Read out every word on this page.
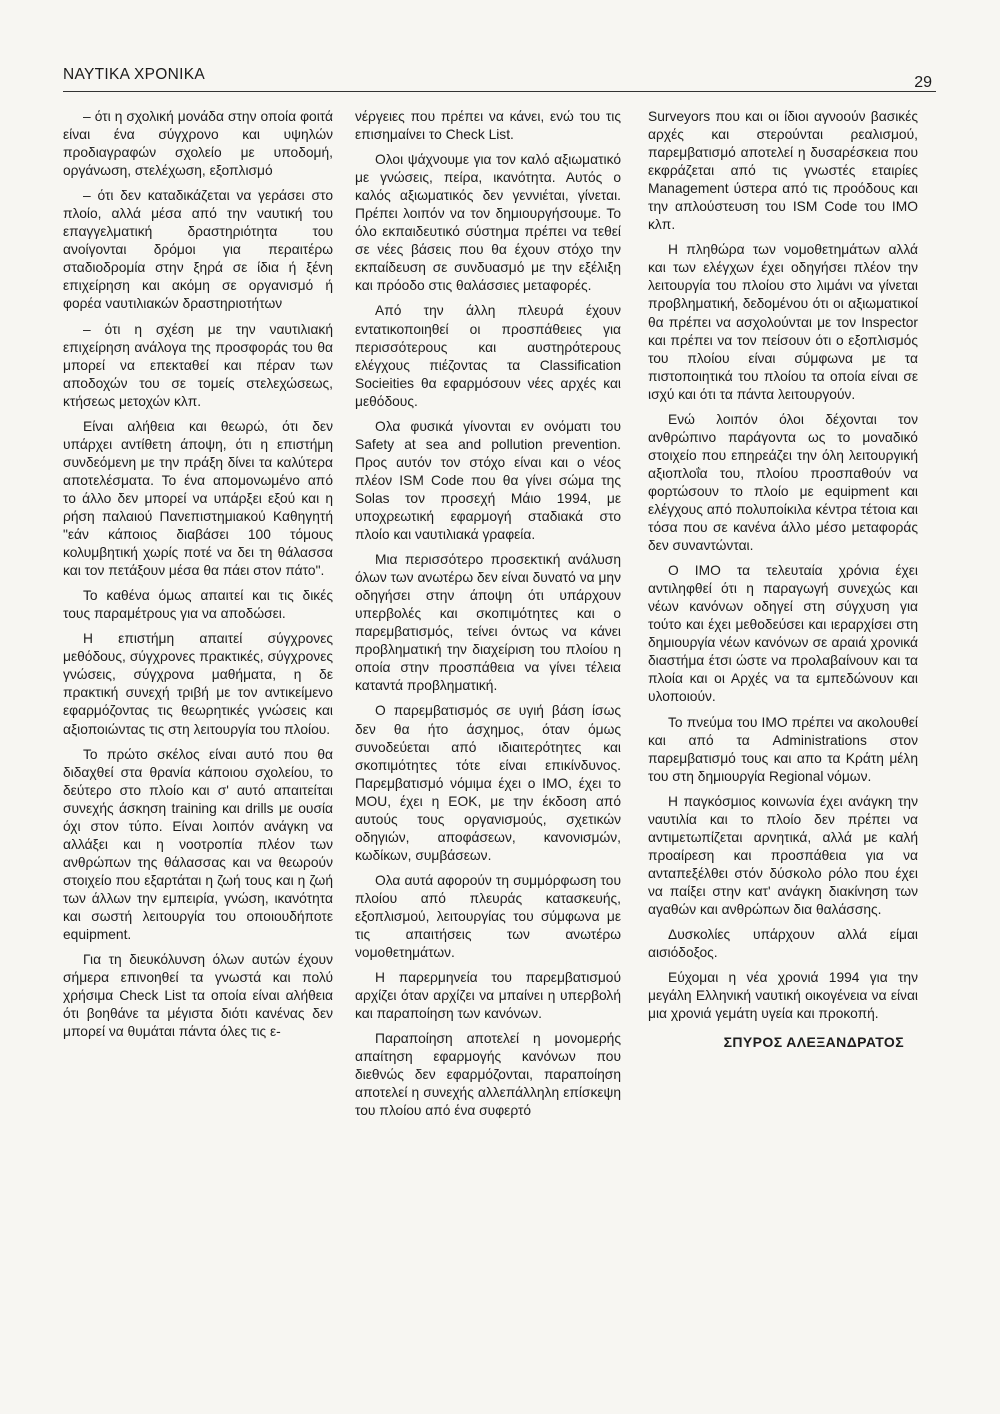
ΝΑΥΤΙΚΑ ΧΡΟΝΙΚΑ	29

– ότι η σχολική μονάδα στην οποία φοιτά είναι ένα σύγχρονο και υψηλών προδιαγραφών σχολείο με υποδομή, οργάνωση, στελέχωση, εξοπλισμό

– ότι δεν καταδικάζεται να γεράσει στο πλοίο, αλλά μέσα από την ναυτική του επαγγελματική δραστηριότητα του ανοίγονται δρόμοι για περαιτέρω σταδιοδρομία στην ξηρά σε ίδια ή ξένη επιχείρηση και ακόμη σε οργανισμό ή φορέα ναυτιλιακών δραστηριοτήτων

– ότι η σχέση με την ναυτιλιακή επιχείρηση ανάλογα της προσφοράς του θα μπορεί να επεκταθεί και πέραν των αποδοχών του σε τομείς στελεχώσεως, κτήσεως μετοχών κλπ.

Είναι αλήθεια και θεωρώ, ότι δεν υπάρχει αντίθετη άποψη, ότι η επιστήμη συνδεόμενη με την πράξη δίνει τα καλύτερα αποτελέσματα. Το ένα απομονωμένο από το άλλο δεν μπορεί να υπάρξει εξού και η ρήση παλαιού Πανεπιστημιακού Καθηγητή "εάν κάποιος διαβάσει 100 τόμους κολυμβητική χωρίς ποτέ να δει τη θάλασσα και τον πετάξουν μέσα θα πάει στον πάτο".

Το καθένα όμως απαιτεί και τις δικές τους παραμέτρους για να αποδώσει.

Η επιστήμη απαιτεί σύγχρονες μεθόδους, σύγχρονες πρακτικές, σύγχρονες γνώσεις, σύγχρονα μαθήματα, η δε πρακτική συνεχή τριβή με τον αντικείμενο εφαρμόζοντας τις θεωρητικές γνώσεις και αξιοποιώντας τις στη λειτουργία του πλοίου.

Το πρώτο σκέλος είναι αυτό που θα διδαχθεί στα θρανία κάποιου σχολείου, το δεύτερο στο πλοίο και σ' αυτό απαιτείται συνεχής άσκηση training και drills με ουσία όχι στον τύπο. Είναι λοιπόν ανάγκη να αλλάξει και η νοοτροπία πλέον των ανθρώπων της θάλασσας και να θεωρούν στοιχείο που εξαρτάται η ζωή τους και η ζωή των άλλων την εμπειρία, γνώση, ικανότητα και σωστή λειτουργία του οποιουδήποτε equipment.

Για τη διευκόλυνση όλων αυτών έχουν σήμερα επινοηθεί τα γνωστά και πολύ χρήσιμα Check List τα οποία είναι αλήθεια ότι βοηθάνε τα μέγιστα διότι κανένας δεν μπορεί να θυμάται πάντα όλες τις ε-

νέργειες που πρέπει να κάνει, ενώ του τις επισημαίνει το Check List.

Ολοι ψάχνουμε για τον καλό αξιωματικό με γνώσεις, πείρα, ικανότητα. Αυτός ο καλός αξιωματικός δεν γεννιέται, γίνεται. Πρέπει λοιπόν να τον δημιουργήσουμε. Το όλο εκπαιδευτικό σύστημα πρέπει να τεθεί σε νέες βάσεις που θα έχουν στόχο την εκπαίδευση σε συνδυασμό με την εξέλιξη και πρόοδο στις θαλάσσιες μεταφορές.

Από την άλλη πλευρά έχουν εντατικοποιηθεί οι προσπάθειες για περισσότερους και αυστηρότερους ελέγχους πιέζοντας τα Classification Socieities θα εφαρμόσουν νέες αρχές και μεθόδους.

Ολα φυσικά γίνονται εν ονόματι του Safety at sea and pollution prevention. Προς αυτόν τον στόχο είναι και ο νέος πλέον ISM Code που θα γίνει σώμα της Solas τον προσεχή Μάιο 1994, με υποχρεωτική εφαρμογή σταδιακά στο πλοίο και ναυτιλιακά γραφεία.

Μια περισσότερο προσεκτική ανάλυση όλων των ανωτέρω δεν είναι δυνατό να μην οδηγήσει στην άποψη ότι υπάρχουν υπερβολές και σκοπιμότητες και ο παρεμβατισμός, τείνει όντως να κάνει προβληματική την διαχείριση του πλοίου η οποία στην προσπάθεια να γίνει τέλεια καταντά προβληματική.

Ο παρεμβατισμός σε υγιή βάση ίσως δεν θα ήτο άσχημος, όταν όμως συνοδεύεται από ιδιαιτερότητες και σκοπιμότητες τότε είναι επικίνδυνος. Παρεμβατισμό νόμιμα έχει ο ΙΜΟ, έχει το MOU, έχει η ΕΟΚ, με την έκδοση από αυτούς τους οργανισμούς, σχετικών οδηγιών, αποφάσεων, κανονισμών, κωδίκων, συμβάσεων.

Ολα αυτά αφορούν τη συμμόρφωση του πλοίου από πλευράς κατασκευής, εξοπλισμού, λειτουργίας του σύμφωνα με τις απαιτήσεις των ανωτέρω νομοθετημάτων.

Η παρερμηνεία του παρεμβατισμού αρχίζει όταν αρχίζει να μπαίνει η υπερβολή και παραποίηση των κανόνων.

Παραποίηση αποτελεί η μονομερής απαίτηση εφαρμογής κανόνων που διεθνώς δεν εφαρμόζονται, παραποίηση αποτελεί η συνεχής αλλεπάλληλη επίσκεψη του πλοίου από ένα συφερτό

Surveyors που και οι ίδιοι αγνοούν βασικές αρχές και στερούνται ρεαλισμού, παρεμβατισμό αποτελεί η δυσαρέσκεια που εκφράζεται από τις γνωστές εταιρίες Management ύστερα από τις προόδους και την απλούστευση του ISM Code του ΙΜΟ κλπ.

Η πληθώρα των νομοθετημάτων αλλά και των ελέγχων έχει οδηγήσει πλέον την λειτουργία του πλοίου στο λιμάνι να γίνεται προβληματική, δεδομένου ότι οι αξιωματικοί θα πρέπει να ασχολούνται με τον Inspector και πρέπει να τον πείσουν ότι ο εξοπλισμός του πλοίου είναι σύμφωνα με τα πιστοποιητικά του πλοίου τα οποία είναι σε ισχύ και ότι τα πάντα λειτουργούν.

Ενώ λοιπόν όλοι δέχονται τον ανθρώπινο παράγοντα ως το μοναδικό στοιχείο που επηρεάζει την όλη λειτουργική αξιοπλοΐα του, πλοίου προσπαθούν να φορτώσουν το πλοίο με equipment και ελέγχους από πολυποίκιλα κέντρα τέτοια και τόσα που σε κανένα άλλο μέσο μεταφοράς δεν συναντώνται.

Ο ΙΜΟ τα τελευταία χρόνια έχει αντιληφθεί ότι η παραγωγή συνεχώς και νέων κανόνων οδηγεί στη σύγχυση για τούτο και έχει μεθοδεύσει και ιεραρχίσει στη δημιουργία νέων κανόνων σε αραιά χρονικά διαστήμα έτσι ώστε να προλαβαίνουν και τα πλοία και οι Αρχές να τα εμπεδώνουν και υλοποιούν.

Το πνεύμα του ΙΜΟ πρέπει να ακολουθεί και από τα Administrations στον παρεμβατισμό τους και απο τα Κράτη μέλη του στη δημιουργία Regional νόμων.

Η παγκόσμιος κοινωνία έχει ανάγκη την ναυτιλία και το πλοίο δεν πρέπει να αντιμετωπίζεται αρνητικά, αλλά με καλή προαίρεση και προσπάθεια για να ανταπεξέλθει στόν δύσκολο ρόλο που έχει να παίξει στην κατ' ανάγκη διακίνηση των αγαθών και ανθρώπων δια θαλάσσης.

Δυσκολίες υπάρχουν αλλά είμαι αισιόδοξος.

Εύχομαι η νέα χρονιά 1994 για την μεγάλη Ελληνική ναυτική οικογένεια να είναι μια χρονιά γεμάτη υγεία και προκοπή.

ΣΠΥΡΟΣ ΑΛΕΞΑΝΔΡΑΤΟΣ
